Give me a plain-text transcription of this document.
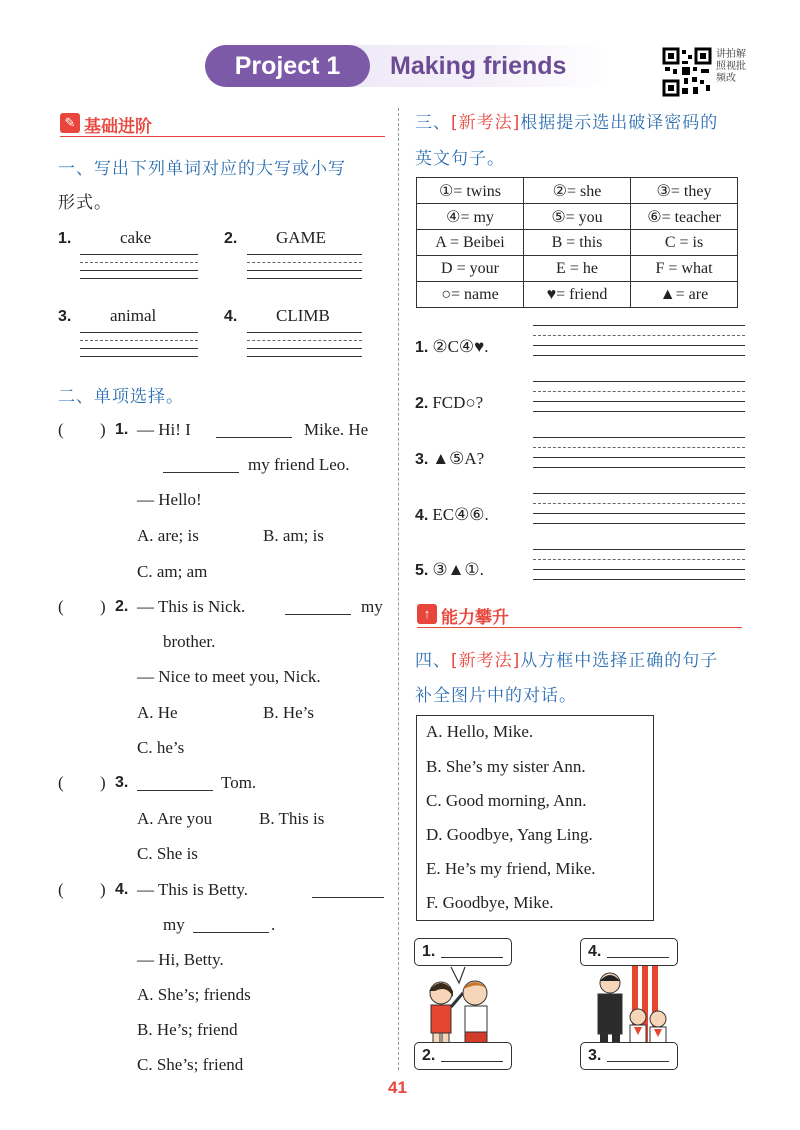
Project 1	Making friends	讲拍解照视批频改
✎ 基础进阶
一、写出下列单词对应的大写或小写
形式。
1.	cake	2. GAME
3. animal	4. CLIMB
二、单项选择。
( ) 1. — Hi! I	Mike. He
my friend Leo.
— Hello!
A. are; is	B. am; is
C. am; am
( ) 2. — This is Nick.	my
brother.
— Nice to meet you, Nick.
A. He	B. He’s
C. he’s
( ) 3.	Tom.
A. Are you	B. This is
C. She is
( ) 4. — This is Betty.
my	.
— Hi, Betty.
A. She’s; friends
B. He’s; friend
C. She’s; friend
三、[新考法]根据提示选出破译密码的
英文句子。
①= twins	②= she	③= they
④= my	⑤= you	⑥= teacher
A = Beibei	B = this	C = is
D = your	E = he	F = what
○= name	♥= friend	▲= are
1. ②C④♥.
2. FCD○?
3. ▲⑤A?
4. EC④⑥.
5. ③▲①.
↑ 能力攀升
四、[新考法]从方框中选择正确的句子
补全图片中的对话。
A. Hello, Mike.
B. She’s my sister Ann.
C. Good morning, Ann.
D. Goodbye, Yang Ling.
E. He’s my friend, Mike.
F. Goodbye, Mike.
1.
2.
4.
3.
41
